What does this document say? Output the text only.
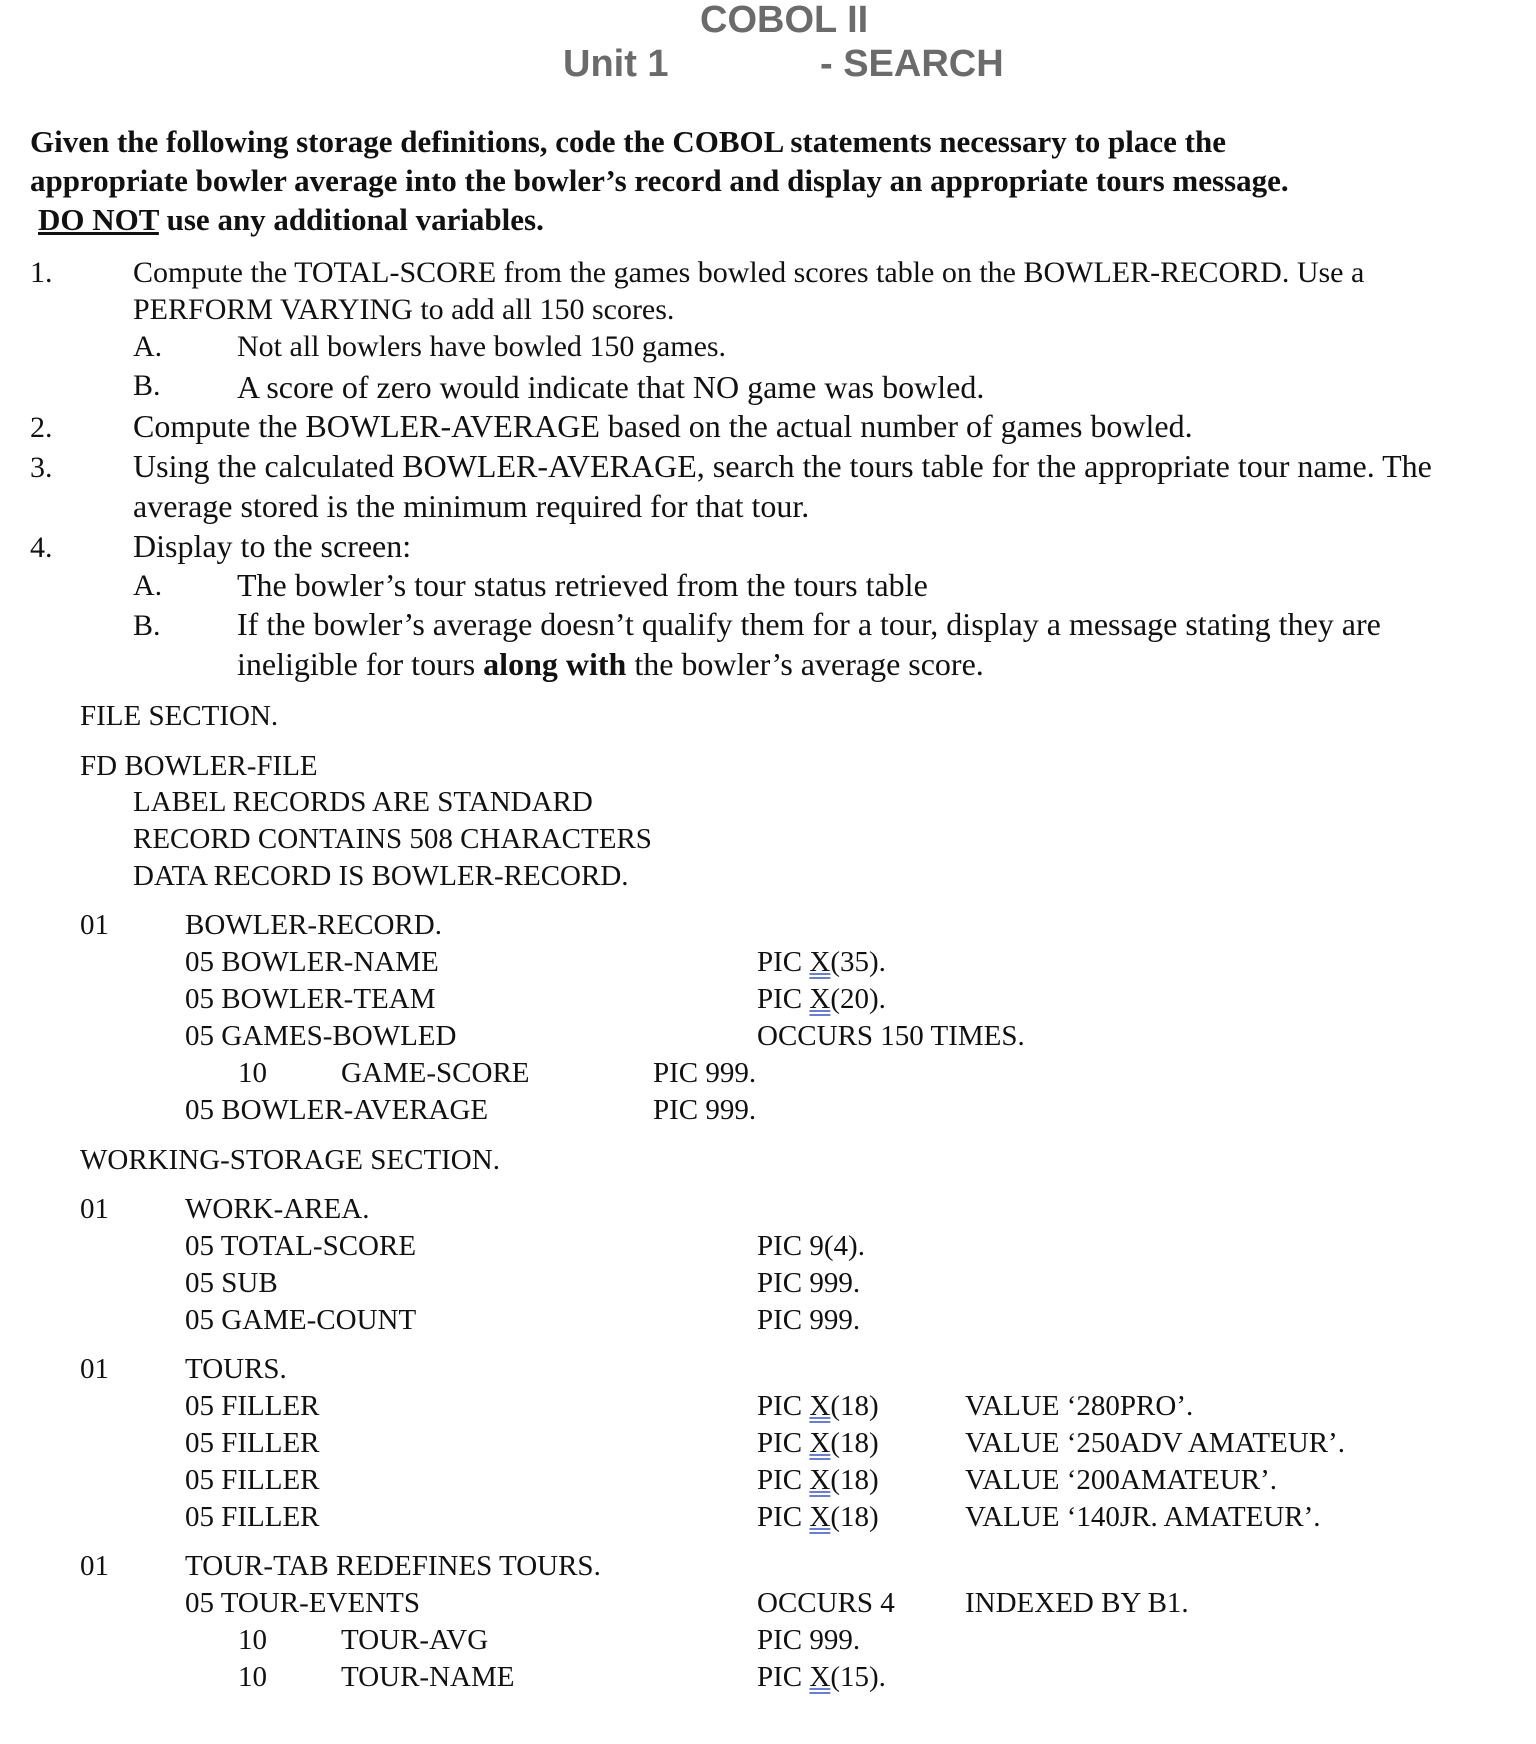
COBOL II
Unit 1	- SEARCH
Given the following storage definitions, code the COBOL statements necessary to place the
appropriate bowler average into the bowler’s record and display an appropriate tours message.
DO NOT use any additional variables.
1.	Compute the TOTAL-SCORE from the games bowled scores table on the BOWLER-RECORD. Use a
PERFORM VARYING to add all 150 scores.
A. Not all bowlers have bowled 150 games.
B. A score of zero would indicate that NO game was bowled.
2.	Compute the BOWLER-AVERAGE based on the actual number of games bowled.
3.	Using the calculated BOWLER-AVERAGE, search the tours table for the appropriate tour name. The
average stored is the minimum required for that tour.
4.	Display to the screen:
A. The bowler’s tour status retrieved from the tours table
B. If the bowler’s average doesn’t qualify them for a tour, display a message stating they are
ineligible for tours along with the bowler’s average score.
FILE SECTION.
FD BOWLER-FILE
LABEL RECORDS ARE STANDARD
RECORD CONTAINS 508 CHARACTERS
DATA RECORD IS BOWLER-RECORD.
01	BOWLER-RECORD.
05 BOWLER-NAME	PIC X(35).
05 BOWLER-TEAM	PIC X(20).
05 GAMES-BOWLED	OCCURS 150 TIMES.
10	GAME-SCORE	PIC 999.
05 BOWLER-AVERAGE	PIC 999.
WORKING-STORAGE SECTION.
01	WORK-AREA.
05 TOTAL-SCORE	PIC 9(4).
05 SUB	PIC 999.
05 GAME-COUNT	PIC 999.
01	TOURS.
05 FILLER	PIC X(18)	VALUE ‘280PRO’.
05 FILLER	PIC X(18)	VALUE ‘250ADV AMATEUR’.
05 FILLER	PIC X(18)	VALUE ‘200AMATEUR’.
05 FILLER	PIC X(18)	VALUE ‘140JR. AMATEUR’.
01	TOUR-TAB REDEFINES TOURS.
05 TOUR-EVENTS	OCCURS 4 INDEXED BY B1.
10	TOUR-AVG	PIC 999.
10	TOUR-NAME	PIC X(15).
